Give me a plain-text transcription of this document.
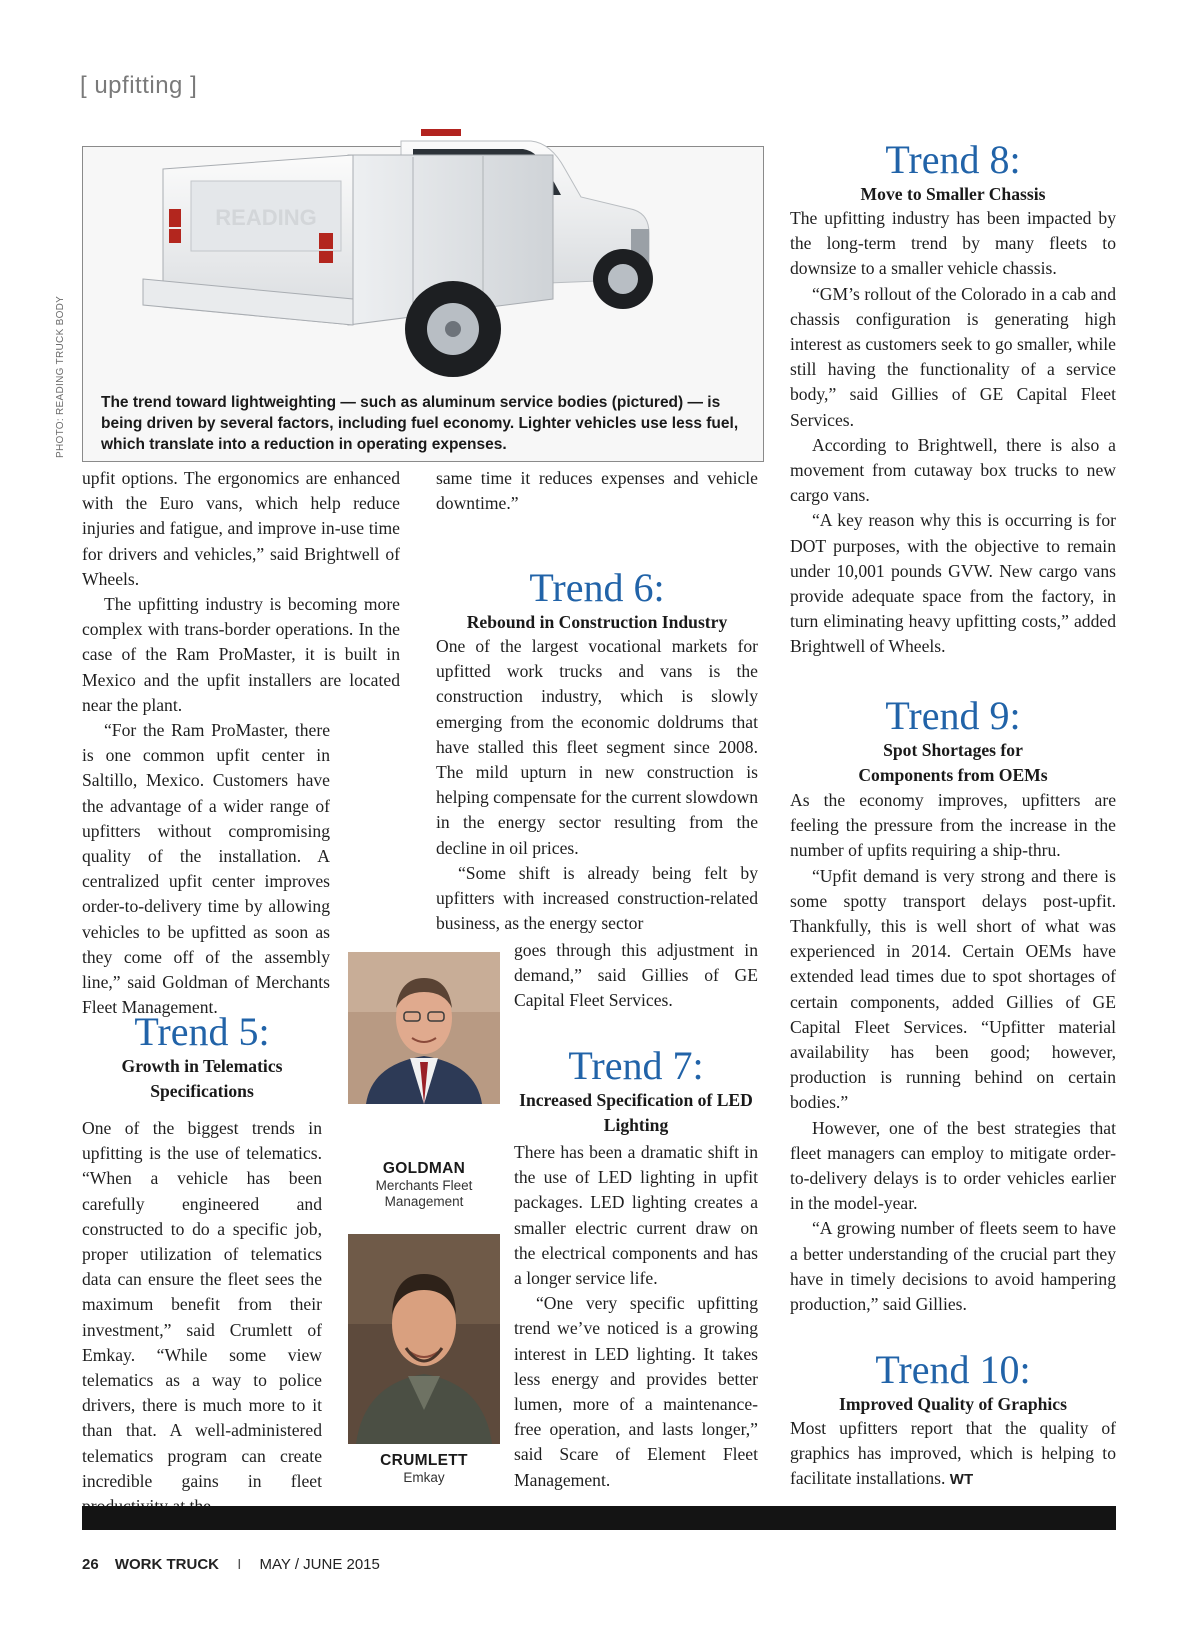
[ upfitting ]
PHOTO: READING TRUCK BODY
READING
The trend toward lightweighting — such as aluminum service bodies (pictured) — is being driven by several factors, including fuel economy. Lighter vehicles use less fuel, which translate into a reduction in operating expenses.

upfit options. The ergonomics are enhanced with the Euro vans, which help reduce injuries and fatigue, and improve in-use time for drivers and vehicles,” said Brightwell of Wheels.

The upfitting industry is becoming more complex with trans-border operations. In the case of the Ram ProMaster, it is built in Mexico and the upfit installers are located near the plant.

“For the Ram ProMaster, there is one common upfit center in Saltillo, Mexico. Customers have the advantage of a wider range of upfitters without compromising quality of the installation. A centralized upfit center improves order-to-delivery time by allowing vehicles to be upfitted as soon as they come off of the assembly line,” said Goldman of Merchants Fleet Management.

Trend 5:
Growth in Telematics Specifications

One of the biggest trends in upfitting is the use of telematics. “When a vehicle has been carefully engineered and constructed to do a specific job, proper utilization of telematics data can ensure the fleet sees the maximum benefit from their investment,” said Crumlett of Emkay. “While some view telematics as a way to police drivers, there is much more to it than that. A well-administered telematics program can create incredible gains in fleet

GOLDMAN
Merchants Fleet Management
CRUMLETT
Emkay

same time it reduces expenses and vehicle downtime.”

Trend 6:
Rebound in Construction Industry

One of the largest vocational markets for upfitted work trucks and vans is the construction industry, which is slowly emerging from the economic doldrums that have stalled this fleet segment since 2008. The mild upturn in new construction is helping compensate for the current slowdown in the energy sector resulting from the decline in oil prices.

“Some shift is already being felt by upfitters with increased construction-related business, as the energy sector

goes through this adjustment in demand,” said Gillies of GE Capital Fleet Services.

Trend 7:
Increased Specification of LED Lighting

There has been a dramatic shift in the use of LED lighting in upfit packages. LED lighting creates a smaller electric current draw on the electrical components and has a longer service life.

“One very specific upfitting trend we’ve noticed is a growing interest in LED lighting. It takes less energy and provides better lumen, more of a maintenance-free operation, and lasts longer,” said Scare of Element Fleet Management.

Trend 8:
Move to Smaller Chassis

The upfitting industry has been impacted by the long-term trend by many fleets to downsize to a smaller vehicle chassis.

“GM’s rollout of the Colorado in a cab and chassis configuration is generating high interest as customers seek to go smaller, while still having the functionality of a service body,” said Gillies of GE Capital Fleet Services.

According to Brightwell, there is also a movement from cutaway box trucks to new cargo vans.

“A key reason why this is occurring is for DOT purposes, with the objective to remain under 10,001 pounds GVW. New cargo vans provide adequate space from the factory, in turn eliminating heavy upfitting costs,” added Brightwell of Wheels.

Trend 9:
Spot Shortages for
Components from OEMs

As the economy improves, upfitters are feeling the pressure from the increase in the number of upfits requiring a ship-thru.

“Upfit demand is very strong and there is some spotty transport delays post-upfit. Thankfully, this is well short of what was experienced in 2014. Certain OEMs have extended lead times due to spot shortages of certain components, added Gillies of GE Capital Fleet Services. “Upfitter material availability has been good; however, production is running behind on certain bodies.”

However, one of the best strategies that fleet managers can employ to mitigate order-to-delivery delays is to order vehicles earlier in the model-year.

“A growing number of fleets seem to have a better understanding of the crucial part they have in timely decisions to avoid hampering production,” said Gillies.

Trend 10:
Improved Quality of Graphics

Most upfitters report that the quality of graphics has improved, which is helping to facilitate installations. WT

26 WORK TRUCK I MAY / JUNE 2015
